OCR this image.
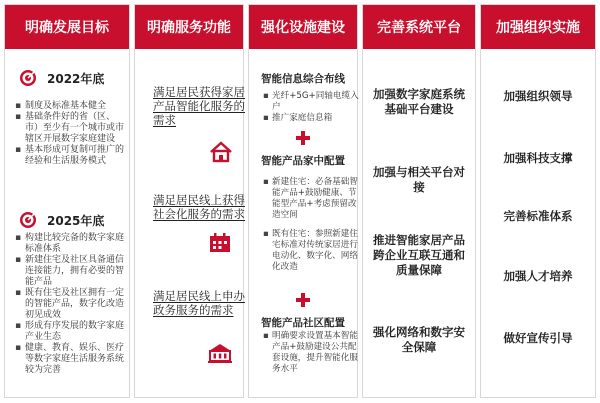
明确发展目标
2022年底
▪ 制度及标准基本健全
▪ 基础条件好的省（区、市）至少有一个城市或市辖区开展数字家庭建设
▪ 基本形成可复制可推广的经验和生活服务模式
2025年底
▪ 构建比较完备的数字家庭标准体系
▪ 新建住宅及社区具备通信连接能力，拥有必要的智能产品
▪ 既有住宅及社区拥有一定的智能产品，数字化改造初见成效
▪ 形成有序发展的数字家庭产业生态
▪ 健康、教育、娱乐、医疗等数字家庭生活服务系统较为完善
明确服务功能
满足居民获得家居产品智能化服务的需求
满足居民线上获得社会化服务的需求
满足居民线上申办政务服务的需求
强化设施建设
智能信息综合布线
▪ 光纤+5G+同轴电缆入户
▪ 推广家庭信息箱
智能产品家中配置
▪ 新建住宅：必备基础智能产品+鼓励健康、节能型产品+考虑预留改造空间
▪ 既有住宅：参照新建住宅标准对传统家居进行电动化、数字化、网络化改造
智能产品社区配置
▪ 明确要求设置基本智能产品+鼓励建设公共配套设施，提升智能化服务水平
完善系统平台
加强数字家庭系统基础平台建设
加强与相关平台对接
推进智能家居产品跨企业互联互通和质量保障
强化网络和数字安全保障
加强组织实施
加强组织领导
加强科技支撑
完善标准体系
加强人才培养
做好宣传引导
